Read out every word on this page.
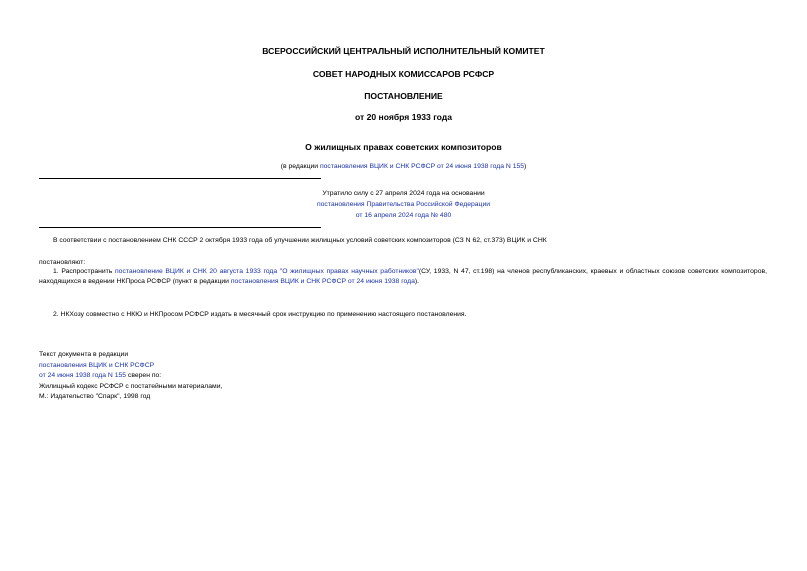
ВСЕРОССИЙСКИЙ ЦЕНТРАЛЬНЫЙ ИСПОЛНИТЕЛЬНЫЙ КОМИТЕТ
СОВЕТ НАРОДНЫХ КОМИССАРОВ РСФСР
ПОСТАНОВЛЕНИЕ
от 20 ноября 1933 года
О жилищных правах советских композиторов
(в редакции постановления ВЦИК и СНК РСФСР от 24 июня 1938 года N 155)
Утратило силу с 27 апреля 2024 года на основании
постановления Правительства Российской Федерации
от 16 апреля 2024 года № 480
В соответствии с постановлением СНК СССР 2 октября 1933 года об улучшении жилищных условий советских композиторов (СЗ N 62, ст.373) ВЦИК и СНК
постановляют:
1. Распространить постановление ВЦИК и СНК 20 августа 1933 года "О жилищных правах научных работников"(СУ, 1933, N 47, ст.198) на членов республиканских, краевых и областных союзов советских композиторов, находящихся в ведении НКПроса РСФСР (пункт в редакции постановления ВЦИК и СНК РСФСР от 24 июня 1938 года).
2. НКХозу совместно с НКЮ и НКПросом РСФСР издать в месячный срок инструкцию по применению настоящего постановления.
Текст документа в редакции
постановления ВЦИК и СНК РСФСР
от 24 июня 1938 года N 155 сверен по:
Жилищный кодекс РСФСР с постатейными материалами,
М.: Издательство "Спарк", 1998 год
